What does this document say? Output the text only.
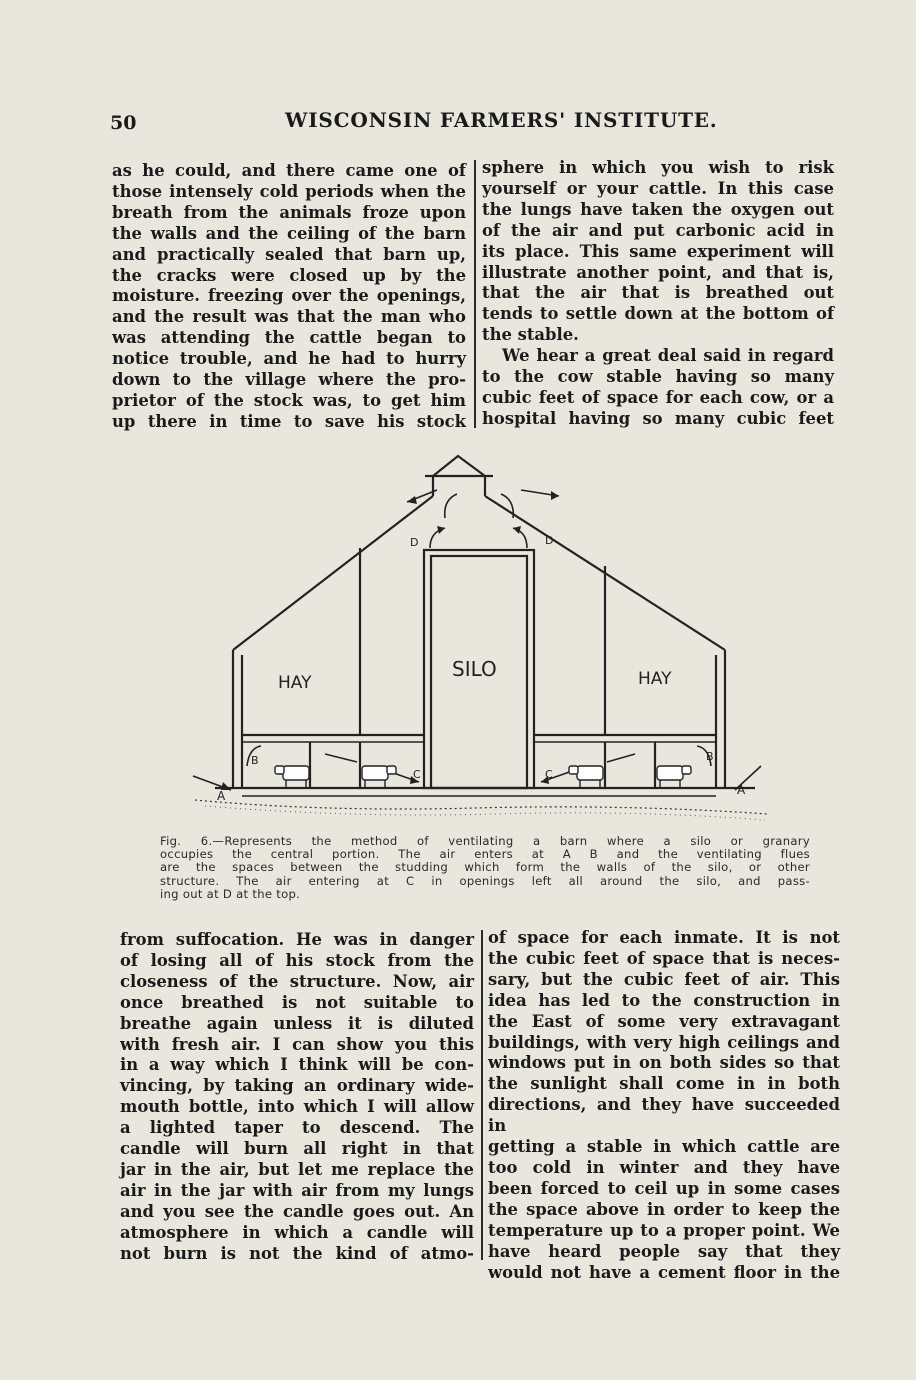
50	WISCONSIN FARMERS' INSTITUTE.

as he could, and there came one of

those intensely cold periods when the

breath from the animals froze upon

the walls and the ceiling of the barn

and practically sealed that barn up,

the cracks were closed up by the

moisture. freezing over the openings,

and the result was that the man who

was attending the cattle began to

notice trouble, and he had to hurry

down to the village where the pro-

prietor of the stock was, to get him

up there in time to save his stock

sphere in which you wish to risk

yourself or your cattle. In this case

the lungs have taken the oxygen out

of the air and put carbonic acid in

its place. This same experiment will

illustrate another point, and that is,

that the air that is breathed out

tends to settle down at the bottom of

the stable.

We hear a great deal said in regard

to the cow stable having so many

cubic feet of space for each cow, or a

hospital having so many cubic feet

SILO
HAY	HAY
A	A
B	B
C	C
D	D

Fig. 6.—Represents the method of ventilating a barn where a silo or granary

occupies the central portion. The air enters at A B and the ventilating flues

are the spaces between the studding which form the walls of the silo, or other

structure. The air entering at C in openings left all around the silo, and pass-

ing out at D at the top.

from suffocation. He was in danger

of losing all of his stock from the

closeness of the structure. Now, air

once breathed is not suitable to

breathe again unless it is diluted

with fresh air. I can show you this

in a way which I think will be con-

vincing, by taking an ordinary wide-

mouth bottle, into which I will allow

a lighted taper to descend. The

candle will burn all right in that

jar in the air, but let me replace the

air in the jar with air from my lungs

and you see the candle goes out. An

atmosphere in which a candle will

not burn is not the kind of atmo-

of space for each inmate. It is not

the cubic feet of space that is neces-

sary, but the cubic feet of air. This

idea has led to the construction in

the East of some very extravagant

buildings, with very high ceilings and

windows put in on both sides so that

the sunlight shall come in in both

directions, and they have succeeded in

getting a stable in which cattle are

too cold in winter and they have

been forced to ceil up in some cases

the space above in order to keep the

temperature up to a proper point. We

have heard people say that they

would not have a cement floor in the
